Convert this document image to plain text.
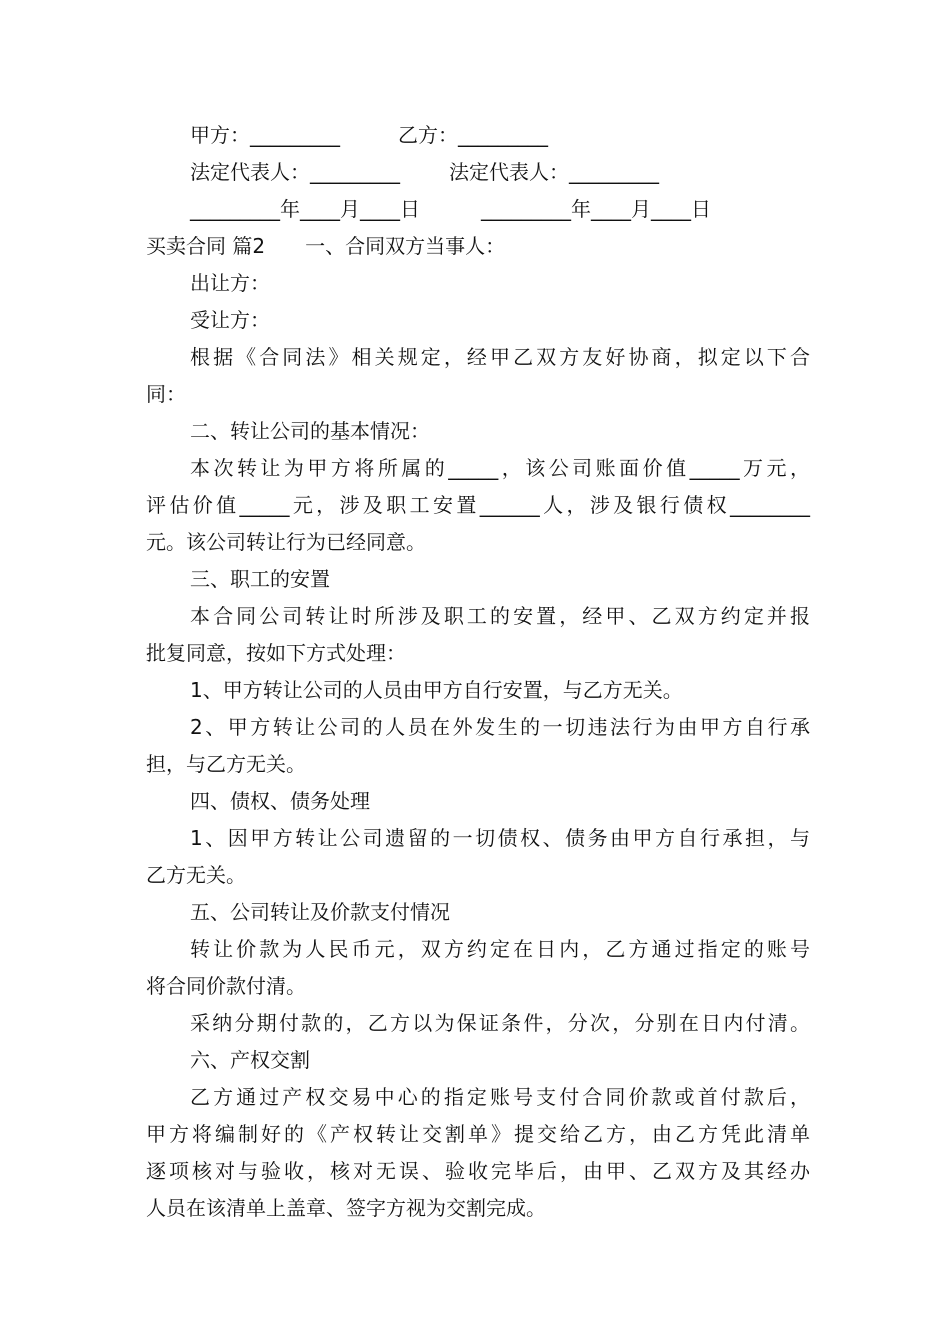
甲方：_________	乙方：_________
法定代表人：_________	法定代表人：_________
_________年____月____日	_________年____月____日
买卖合同 篇2　　一、合同双方当事人：
出让方：
受让方：
根据《合同法》相关规定，经甲乙双方友好协商，拟定以下合
同：
二、转让公司的基本情况：
本次转让为甲方将所属的_____，该公司账面价值_____万元，
评估价值_____元，涉及职工安置______人，涉及银行债权________
元。该公司转让行为已经同意。
三、职工的安置
本合同公司转让时所涉及职工的安置，经甲、乙双方约定并报
批复同意，按如下方式处理：
1、甲方转让公司的人员由甲方自行安置，与乙方无关。
2、甲方转让公司的人员在外发生的一切违法行为由甲方自行承
担，与乙方无关。
四、债权、债务处理
1、因甲方转让公司遗留的一切债权、债务由甲方自行承担，与
乙方无关。
五、公司转让及价款支付情况
转让价款为人民币元，双方约定在日内，乙方通过指定的账号
将合同价款付清。
采纳分期付款的，乙方以为保证条件，分次，分别在日内付清。
六、产权交割
乙方通过产权交易中心的指定账号支付合同价款或首付款后，
甲方将编制好的《产权转让交割单》提交给乙方，由乙方凭此清单
逐项核对与验收，核对无误、验收完毕后，由甲、乙双方及其经办
人员在该清单上盖章、签字方视为交割完成。
